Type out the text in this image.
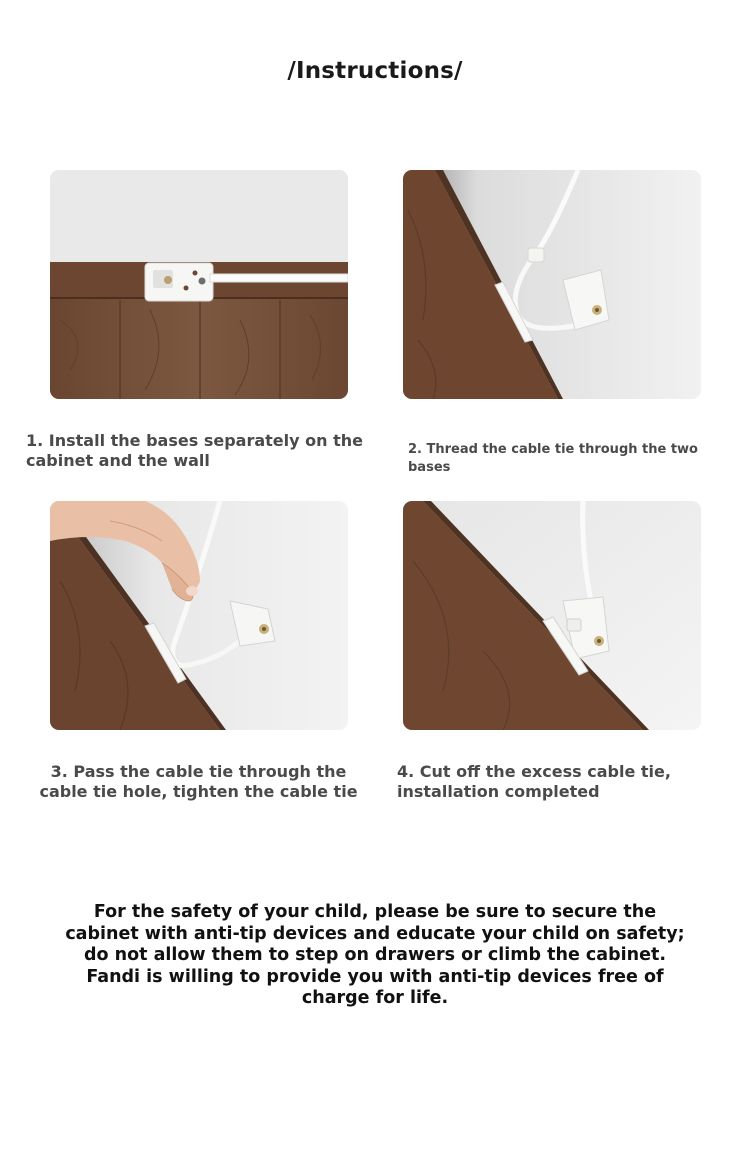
/Instructions/
1. Install the bases separately on the cabinet and the wall
2. Thread the cable tie through the two bases
3. Pass the cable tie through the cable tie hole, tighten the cable tie
4. Cut off the excess cable tie, installation completed
For the safety of your child, please be sure to secure the cabinet with anti-tip devices and educate your child on safety; do not allow them to step on drawers or climb the cabinet. Fandi is willing to provide you with anti-tip devices free of charge for life.
